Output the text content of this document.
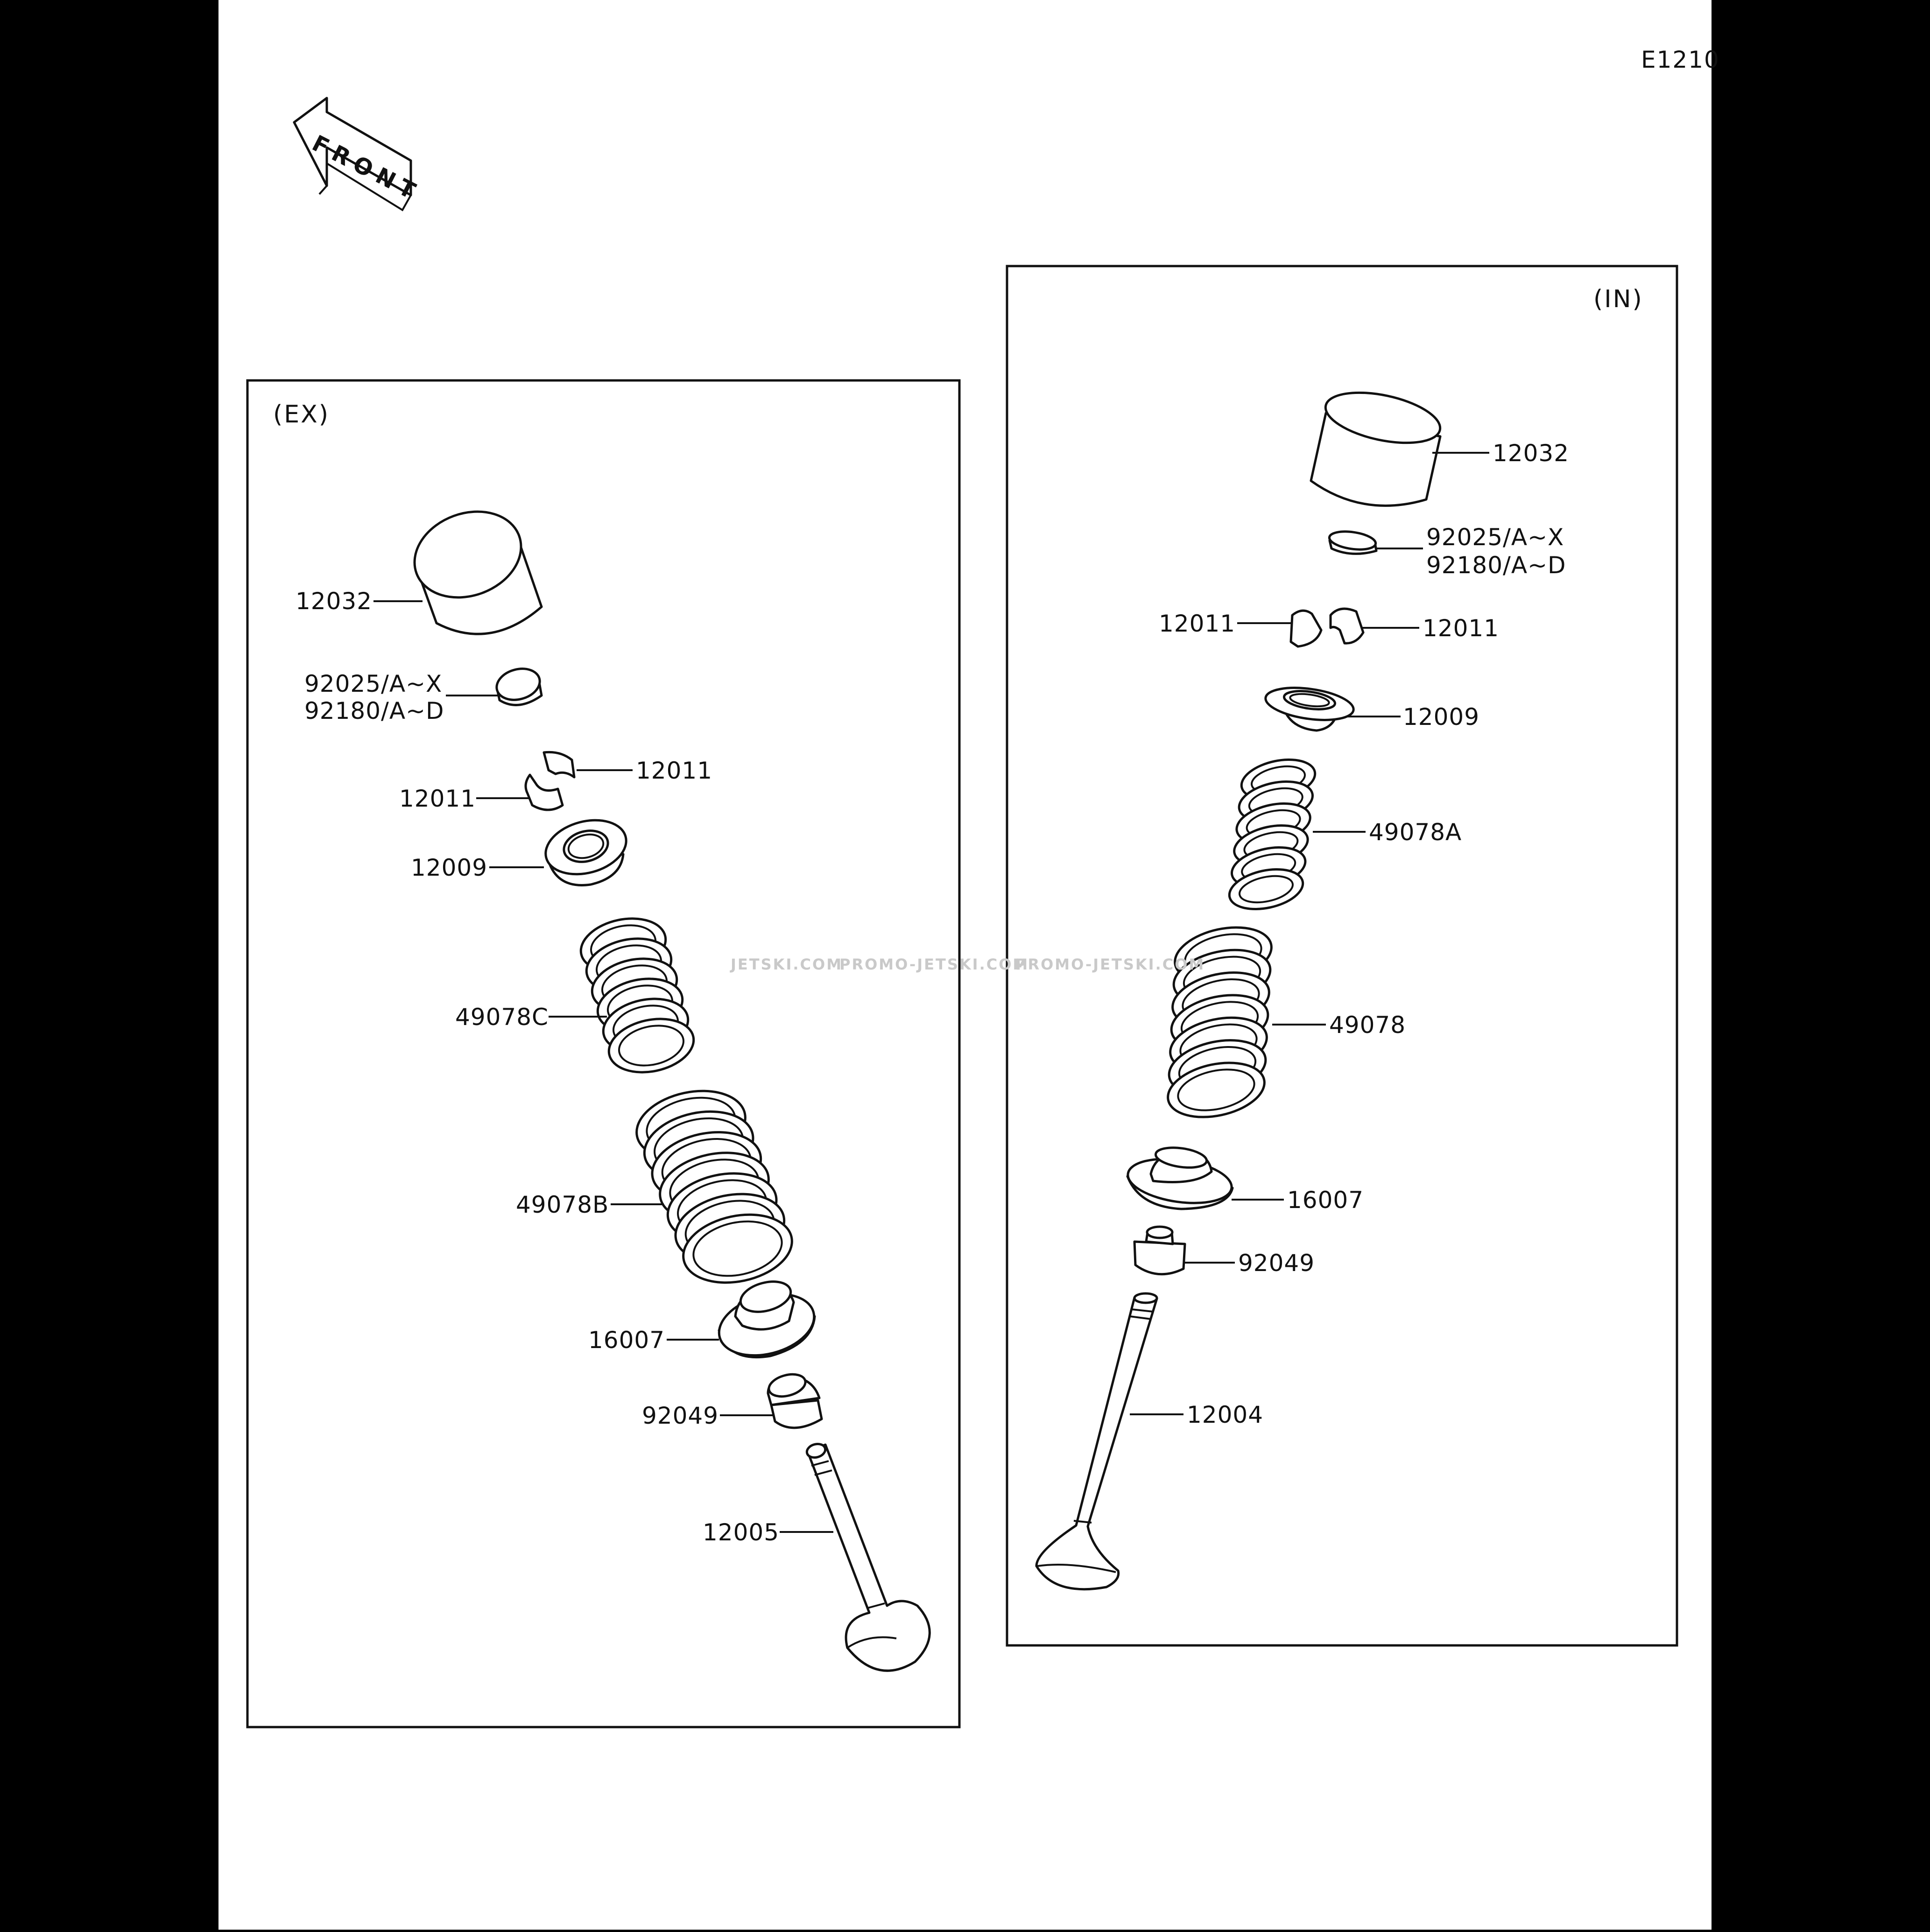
E1210
FRONT
(EX)
12032
92025/A~X
92180/A~D
12011
12011
12009
49078C
49078B
16007
92049
12005
(IN)
12032
92025/A~X
92180/A~D
12011	12011
12009
49078A
49078
16007
92049
12004
JETSKI.COM
PROMO-JETSKI.COM
PROMO-JETSKI.COM
